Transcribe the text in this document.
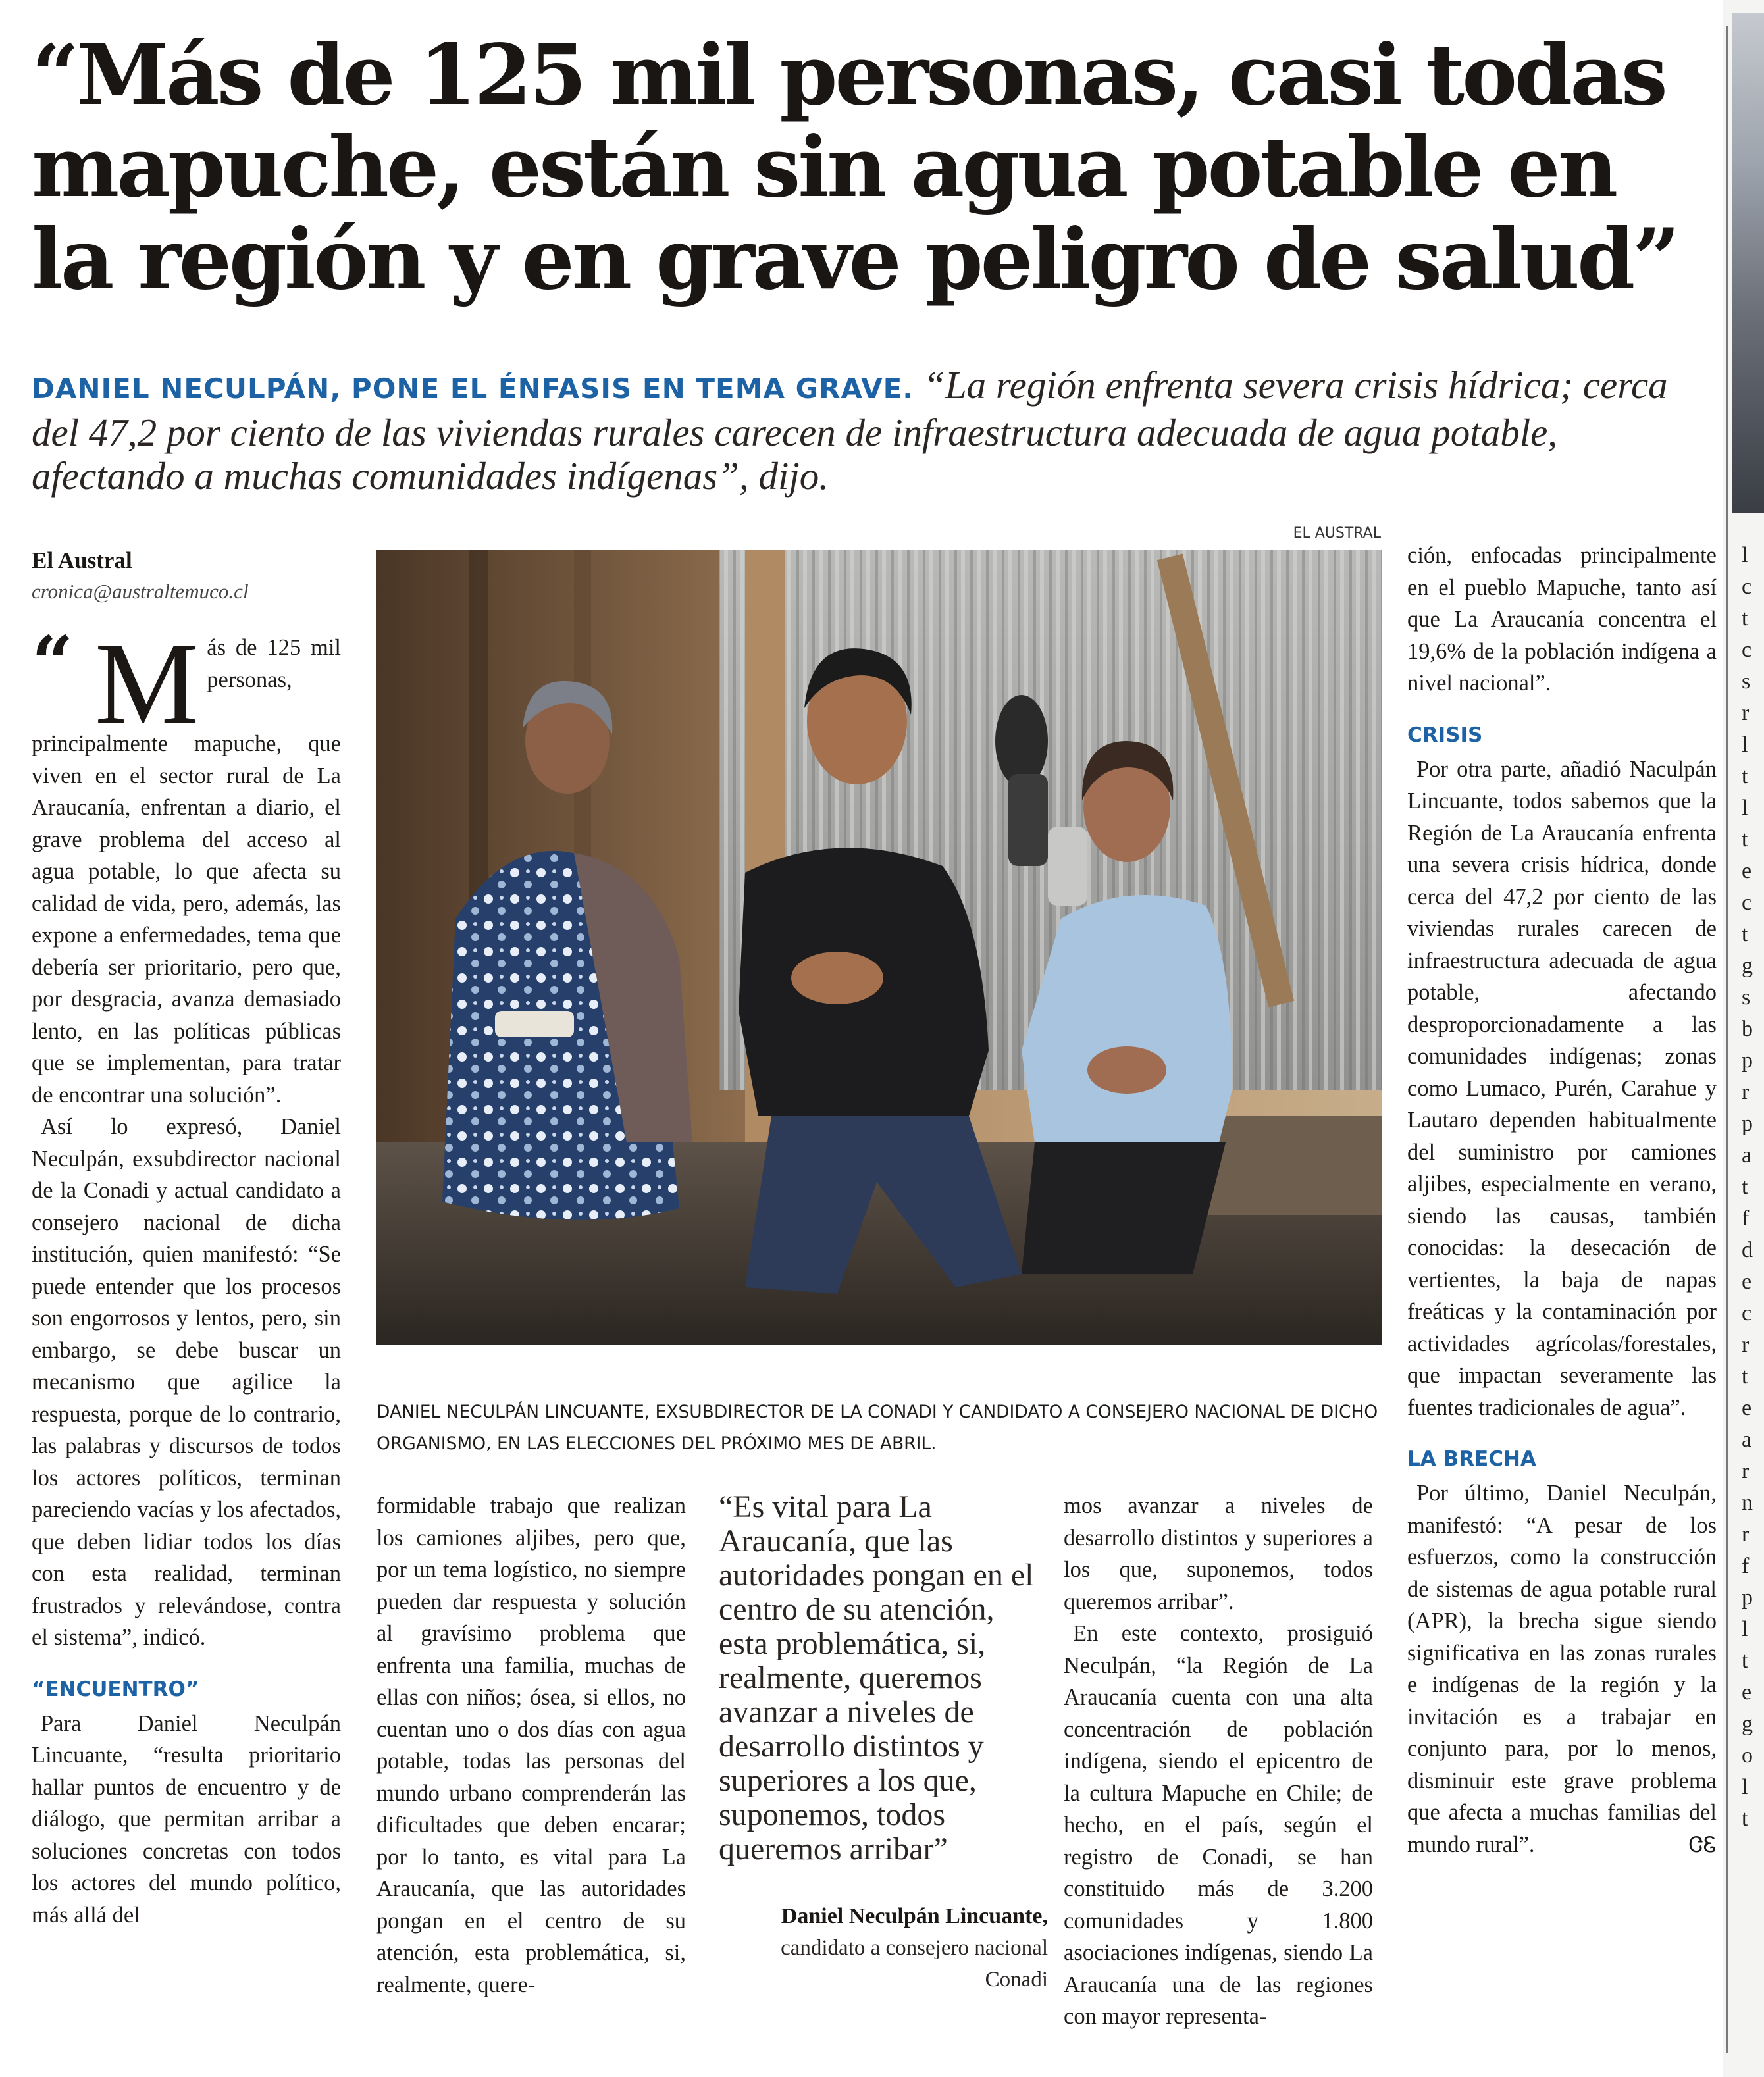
l
c
t
c
s
r
l
t
l
t
e
c
t
g
s
b
p
r
p
a
t
f
d
e
c
r
t
e
a
r
n
r
f
p
l
t
e
g
o
l
t
“Más de 125 mil personas, casi todas mapuche, están sin agua potable en la región y en grave peligro de salud”

DANIEL NECULPÁN, PONE EL ÉNFASIS EN TEMA GRAVE. “La región enfrenta severa crisis hídrica; cerca del 47,2 por ciento de las viviendas rurales carecen de infraestructura adecuada de agua potable, afectando a muchas comunidades indígenas”, dijo.

El Austral
cronica@australtemuco.cl
“ M ás de 125 mil personas, principalmente mapuche, que viven en el sector rural de La Araucanía, enfrentan a diario, el grave problema del acceso al agua potable, lo que afecta su calidad de vida, pero, además, las expone a enfermedades, tema que debería ser prioritario, pero que, por desgracia, avanza demasiado lento, en las políticas públicas que se implementan, para tratar de encontrar una solución”.

Así lo expresó, Daniel Neculpán, exsubdirector nacional de la Conadi y actual candidato a consejero nacional de dicha institución, quien manifestó: “Se puede entender que los procesos son engorrosos y lentos, pero, sin embargo, se debe buscar un mecanismo que agilice la respuesta, porque de lo contrario, las palabras y discursos de todos los actores políticos, terminan pareciendo vacías y los afectados, que deben lidiar todos los días con esta realidad, terminan frustrados y relevándose, contra el sistema”, indicó.

“ENCUENTRO”

Para Daniel Neculpán Lincuante, “resulta prioritario hallar puntos de encuentro y de diálogo, que permitan arribar a soluciones concretas con todos los actores del mundo político, más allá del

EL AUSTRAL
DANIEL NECULPÁN LINCUANTE, EXSUBDIRECTOR DE LA CONADI Y CANDIDATO A CONSEJERO NACIONAL DE DICHO ORGANISMO, EN LAS ELECCIONES DEL PRÓXIMO MES DE ABRIL.

formidable trabajo que realizan los camiones aljibes, pero que, por un tema logístico, no siempre pueden dar respuesta y solución al gravísimo problema que enfrenta una familia, muchas de ellas con niños; ósea, si ellos, no cuentan uno o dos días con agua potable, todas las personas del mundo urbano comprenderán las dificultades que deben encarar; por lo tanto, es vital para La Araucanía, que las autoridades pongan en el centro de su atención, esta problemática, si, realmente, quere-

“Es vital para La Araucanía, que las autoridades pongan en el centro de su atención, esta problemática, si, realmente, queremos avanzar a niveles de desarrollo distintos y superiores a los que, suponemos, todos queremos arribar”

Daniel Neculpán Lincuante,
candidato a consejero nacional Conadi

mos avanzar a niveles de desarrollo distintos y superiores a los que, suponemos, todos queremos arribar”.

En este contexto, prosiguió Neculpán, “la Región de La Araucanía cuenta con una alta concentración de población indígena, siendo el epicentro de la cultura Mapuche en Chile; de hecho, en el país, según el registro de Conadi, se han constituido más de 3.200 comunidades y 1.800 asociaciones indígenas, siendo La Araucanía una de las regiones con mayor representa-

ción, enfocadas principalmente en el pueblo Mapuche, tanto así que La Araucanía concentra el 19,6% de la población indígena a nivel nacional”.

CRISIS

Por otra parte, añadió Naculpán Lincuante, todos sabemos que la Región de La Araucanía enfrenta una severa crisis hídrica, donde cerca del 47,2 por ciento de las viviendas rurales carecen de infraestructura adecuada de agua potable, afectando desproporcionadamente a las comunidades indígenas; zonas como Lumaco, Purén, Carahue y Lautaro dependen habitualmente del suministro por camiones aljibes, especialmente en verano, siendo las causas, también conocidas: la desecación de vertientes, la baja de napas freáticas y la contaminación por actividades agrícolas/forestales, que impactan severamente las fuentes tradicionales de agua”.

LA BRECHA

Por último, Daniel Neculpán, manifestó: “A pesar de los esfuerzos, como la construcción de sistemas de agua potable rural (APR), la brecha sigue siendo significativa en las zonas rurales e indígenas de la región y la invitación es a trabajar en conjunto para, por lo menos, disminuir este grave problema que afecta a muchas familias del mundo rural”.	ᏣᏋ
